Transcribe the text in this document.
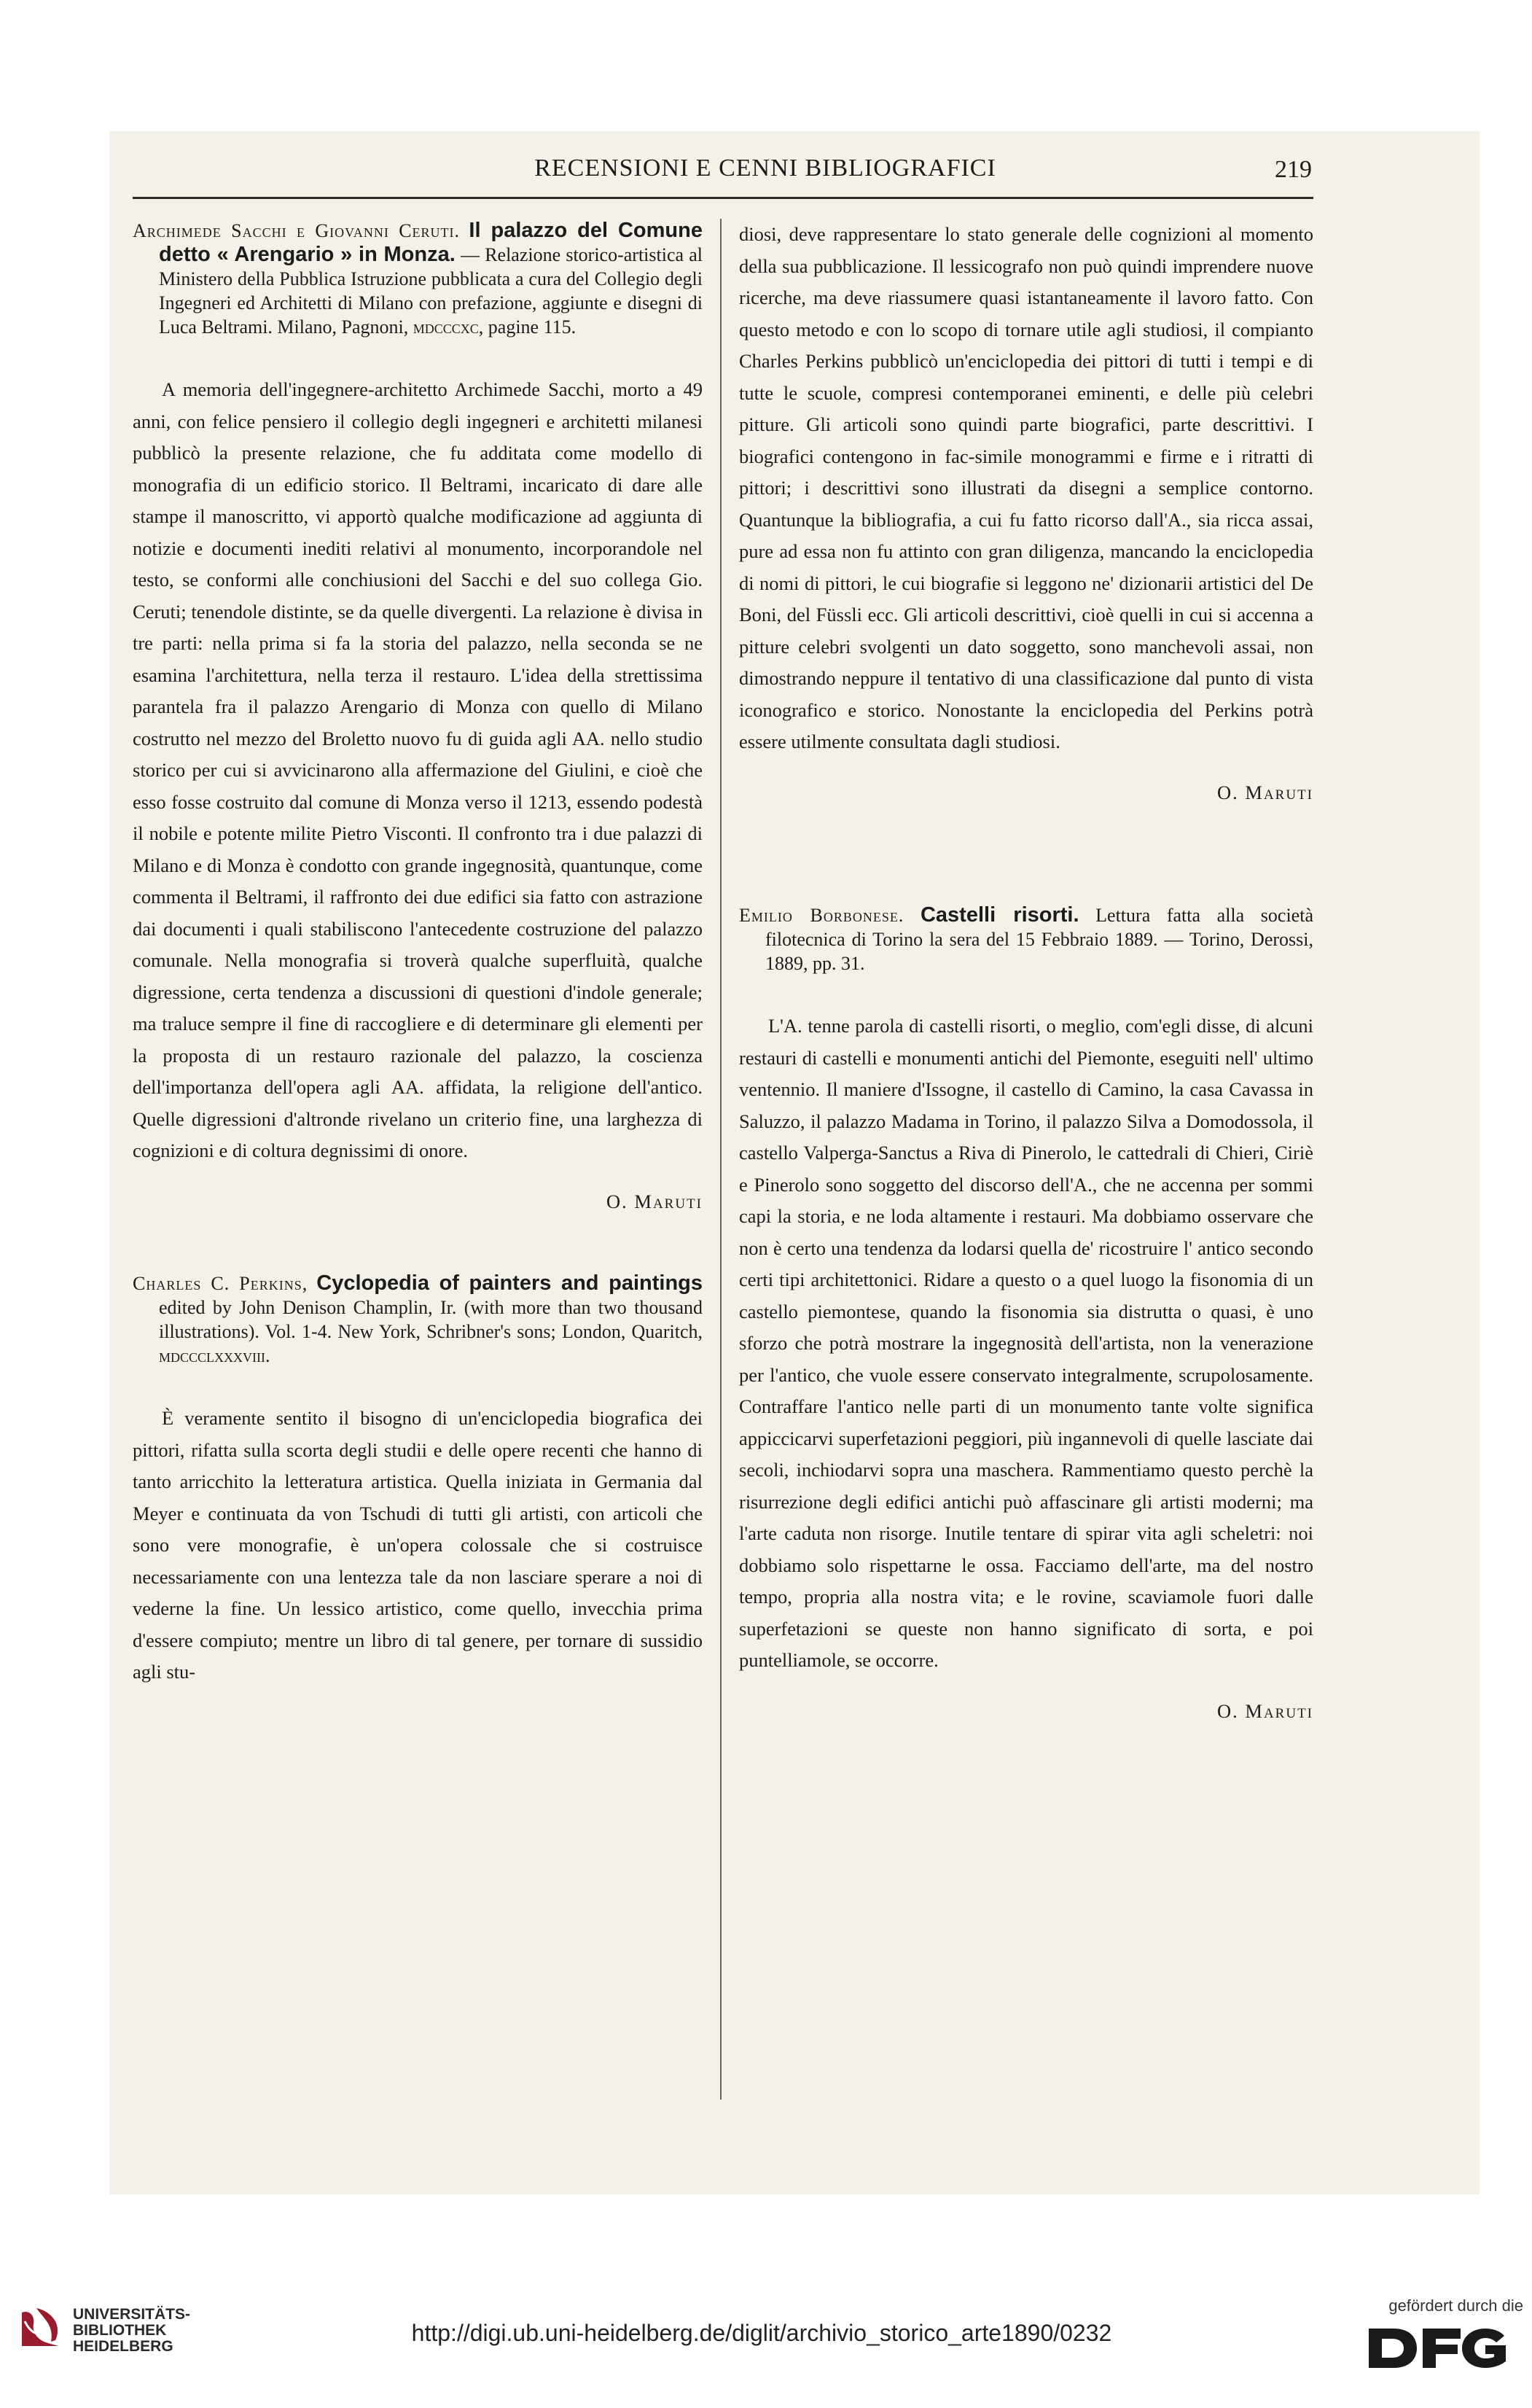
RECENSIONI E CENNI BIBLIOGRAFICI	219

Archimede Sacchi e Giovanni Ceruti. Il palazzo del Comune detto « Arengario » in Monza. — Relazione storico-artistica al Ministero della Pubblica Istruzione pubblicata a cura del Collegio degli Ingegneri ed Architetti di Milano con prefazione, aggiunte e disegni di Luca Beltrami. Milano, Pagnoni, mdcccxc, pagine 115.

A memoria dell'ingegnere-architetto Archimede Sacchi, morto a 49 anni, con felice pensiero il collegio degli ingegneri e architetti milanesi pubblicò la presente relazione, che fu additata come modello di monografia di un edificio storico. Il Beltrami, incaricato di dare alle stampe il manoscritto, vi apportò qualche modificazione ad aggiunta di notizie e documenti inediti relativi al monumento, incorporandole nel testo, se conformi alle conchiusioni del Sacchi e del suo collega Gio. Ceruti; tenendole distinte, se da quelle divergenti. La relazione è divisa in tre parti: nella prima si fa la storia del palazzo, nella seconda se ne esamina l'architettura, nella terza il restauro. L'idea della strettissima parantela fra il palazzo Arengario di Monza con quello di Milano costrutto nel mezzo del Broletto nuovo fu di guida agli AA. nello studio storico per cui si avvicinarono alla affermazione del Giulini, e cioè che esso fosse costruito dal comune di Monza verso il 1213, essendo podestà il nobile e potente milite Pietro Visconti. Il confronto tra i due palazzi di Milano e di Monza è condotto con grande ingegnosità, quantunque, come commenta il Beltrami, il raffronto dei due edifici sia fatto con astrazione dai documenti i quali stabiliscono l'antecedente costruzione del palazzo comunale. Nella monografia si troverà qualche superfluità, qualche digressione, certa tendenza a discussioni di questioni d'indole generale; ma traluce sempre il fine di raccogliere e di determinare gli elementi per la proposta di un restauro razionale del palazzo, la coscienza dell'importanza dell'opera agli AA. affidata, la religione dell'antico. Quelle digressioni d'altronde rivelano un criterio fine, una larghezza di cognizioni e di coltura degnissimi di onore.

O. Maruti

Charles C. Perkins, Cyclopedia of painters and paintings edited by John Denison Champlin, Ir. (with more than two thousand illustrations). Vol. 1-4. New York, Schribner's sons; London, Quaritch, mdccclxxxviii.

È veramente sentito il bisogno di un'enciclopedia biografica dei pittori, rifatta sulla scorta degli studii e delle opere recenti che hanno di tanto arricchito la letteratura artistica. Quella iniziata in Germania dal Meyer e continuata da von Tschudi di tutti gli artisti, con articoli che sono vere monografie, è un'opera colossale che si costruisce necessariamente con una lentezza tale da non lasciare sperare a noi di vederne la fine. Un lessico artistico, come quello, invecchia prima d'essere compiuto; mentre un libro di tal genere, per tornare di sussidio agli stu-

diosi, deve rappresentare lo stato generale delle cognizioni al momento della sua pubblicazione. Il lessicografo non può quindi imprendere nuove ricerche, ma deve riassumere quasi istantaneamente il lavoro fatto. Con questo metodo e con lo scopo di tornare utile agli studiosi, il compianto Charles Perkins pubblicò un'enciclopedia dei pittori di tutti i tempi e di tutte le scuole, compresi contemporanei eminenti, e delle più celebri pitture. Gli articoli sono quindi parte biografici, parte descrittivi. I biografici contengono in fac-simile monogrammi e firme e i ritratti di pittori; i descrittivi sono illustrati da disegni a semplice contorno. Quantunque la bibliografia, a cui fu fatto ricorso dall'A., sia ricca assai, pure ad essa non fu attinto con gran diligenza, mancando la enciclopedia di nomi di pittori, le cui biografie si leggono ne' dizionarii artistici del De Boni, del Füssli ecc. Gli articoli descrittivi, cioè quelli in cui si accenna a pitture celebri svolgenti un dato soggetto, sono manchevoli assai, non dimostrando neppure il tentativo di una classificazione dal punto di vista iconografico e storico. Nonostante la enciclopedia del Perkins potrà essere utilmente consultata dagli studiosi.

O. Maruti

Emilio Borbonese. Castelli risorti. Lettura fatta alla società filotecnica di Torino la sera del 15 Febbraio 1889. — Torino, Derossi, 1889, pp. 31.

L'A. tenne parola di castelli risorti, o meglio, com'egli disse, di alcuni restauri di castelli e monumenti antichi del Piemonte, eseguiti nell' ultimo ventennio. Il maniere d'Issogne, il castello di Camino, la casa Cavassa in Saluzzo, il palazzo Madama in Torino, il palazzo Silva a Domodossola, il castello Valperga-Sanctus a Riva di Pinerolo, le cattedrali di Chieri, Ciriè e Pinerolo sono soggetto del discorso dell'A., che ne accenna per sommi capi la storia, e ne loda altamente i restauri. Ma dobbiamo osservare che non è certo una tendenza da lodarsi quella de' ricostruire l' antico secondo certi tipi architettonici. Ridare a questo o a quel luogo la fisonomia di un castello piemontese, quando la fisonomia sia distrutta o quasi, è uno sforzo che potrà mostrare la ingegnosità dell'artista, non la venerazione per l'antico, che vuole essere conservato integralmente, scrupolosamente. Contraffare l'antico nelle parti di un monumento tante volte significa appiccicarvi superfetazioni peggiori, più ingannevoli di quelle lasciate dai secoli, inchiodarvi sopra una maschera. Rammentiamo questo perchè la risurrezione degli edifici antichi può affascinare gli artisti moderni; ma l'arte caduta non risorge. Inutile tentare di spirar vita agli scheletri: noi dobbiamo solo rispettarne le ossa. Facciamo dell'arte, ma del nostro tempo, propria alla nostra vita; e le rovine, scaviamole fuori dalle superfetazioni se queste non hanno significato di sorta, e poi puntelliamole, se occorre.

O. Maruti

UNIVERSITÄTS-
BIBLIOTHEK
HEIDELBERG
http://digi.ub.uni-heidelberg.de/diglit/archivio_storico_arte1890/0232
gefördert durch die
